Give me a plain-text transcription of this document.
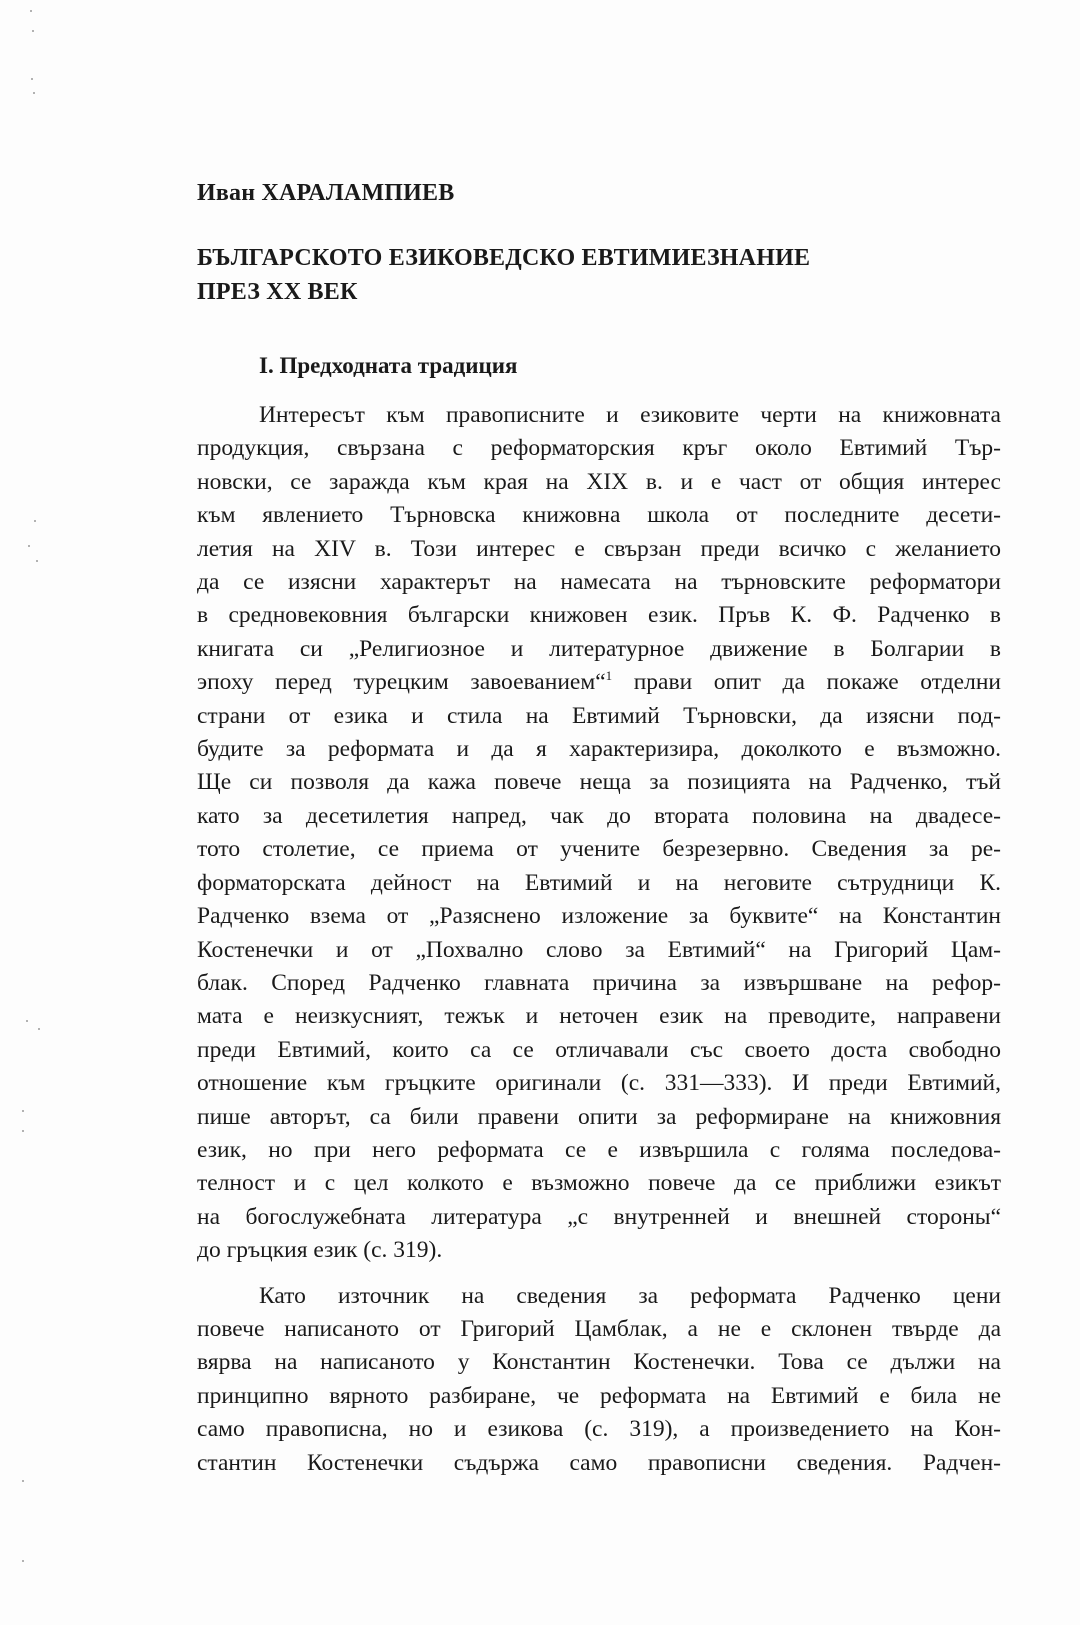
Иван ХАРАЛАМПИЕВ
БЪЛГАРСКОТО ЕЗИКОВЕДСКО ЕВТИМИЕЗНАНИЕ
ПРЕЗ XX ВЕК
I. Предходната традиция
Интересът към правописните и езиковите черти на книжовната
продукция, свързана с реформаторския кръг около Евтимий Тър-
новски, се заражда към края на XIX в. и е част от общия интерес
към явлението Търновска книжовна школа от последните десети-
летия на XIV в. Този интерес е свързан преди всичко с желанието
да се изясни характерът на намесата на търновските реформатори
в средновековния български книжовен език. Пръв К. Ф. Радченко в
книгата си „Религиозное и литературное движение в Болгарии в
эпоху перед турецким завоеванием“$^1$ прави опит да покаже отделни
страни от езика и стила на Евтимий Търновски, да изясни под-
будите за реформата и да я характеризира, доколкото е възможно.
Ще си позволя да кажа повече неща за позицията на Радченко, тъй
като за десетилетия напред, чак до втората половина на двадесе-
тото столетие, се приема от учените безрезервно. Сведения за ре-
форматорската дейност на Евтимий и на неговите сътрудници К.
Радченко взема от „Разяснено изложение за буквите“ на Константин
Костенечки и от „Похвално слово за Евтимий“ на Григорий Цам-
блак. Според Радченко главната причина за извършване на рефор-
мата е неизкусният, тежък и неточен език на преводите, направени
преди Евтимий, които са се отличавали със своето доста свободно
отношение към гръцките оригинали (с. 331—333). И преди Евтимий,
пише авторът, са били правени опити за реформиране на книжовния
език, но при него реформата се е извършила с голяма последова-
телност и с цел колкото е възможно повече да се приближи езикът
на богослужебната литература „с внутренней и внешней стороны“
до гръцкия език (с. 319).
Като източник на сведения за реформата Радченко цени
повече написаното от Григорий Цамблак, а не е склонен твърде да
вярва на написаното у Константин Костенечки. Това се дължи на
принципно вярното разбиране, че реформата на Евтимий е била не
само правописна, но и езикова (с. 319), а произведението на Кон-
стантин Костенечки съдържа само правописни сведения. Радчен-
